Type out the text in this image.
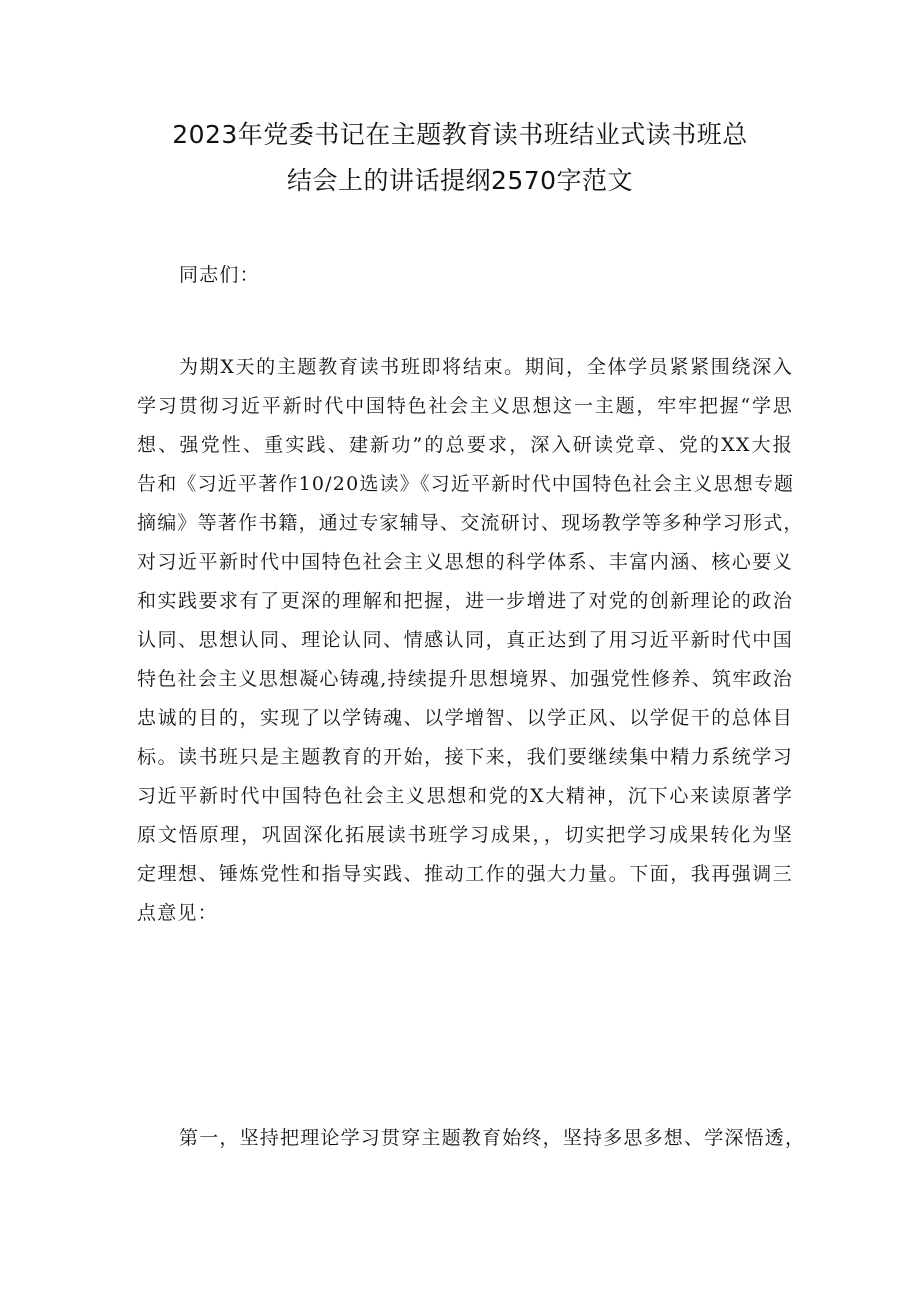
2023年党委书记在主题教育读书班结业式读书班总
结会上的讲话提纲2570字范文
同志们：
为期X天的主题教育读书班即将结束。期间，全体学员紧紧围绕深入
学习贯彻习近平新时代中国特色社会主义思想这一主题，牢牢把握“学思
想、强党性、重实践、建新功”的总要求，深入研读党章、党的XX大报
告和《习近平著作10/20选读》《习近平新时代中国特色社会主义思想专题
摘编》等著作书籍，通过专家辅导、交流研讨、现场教学等多种学习形式，
对习近平新时代中国特色社会主义思想的科学体系、丰富内涵、核心要义
和实践要求有了更深的理解和把握，进一步增进了对党的创新理论的政治
认同、思想认同、理论认同、情感认同，真正达到了用习近平新时代中国
特色社会主义思想凝心铸魂,持续提升思想境界、加强党性修养、筑牢政治
忠诚的目的，实现了以学铸魂、以学增智、以学正风、以学促干的总体目
标。读书班只是主题教育的开始，接下来，我们要继续集中精力系统学习
习近平新时代中国特色社会主义思想和党的X大精神，沉下心来读原著学
原文悟原理，巩固深化拓展读书班学习成果，，切实把学习成果转化为坚
定理想、锤炼党性和指导实践、推动工作的强大力量。下面，我再强调三
点意见：
第一，坚持把理论学习贯穿主题教育始终，坚持多思多想、学深悟透，
